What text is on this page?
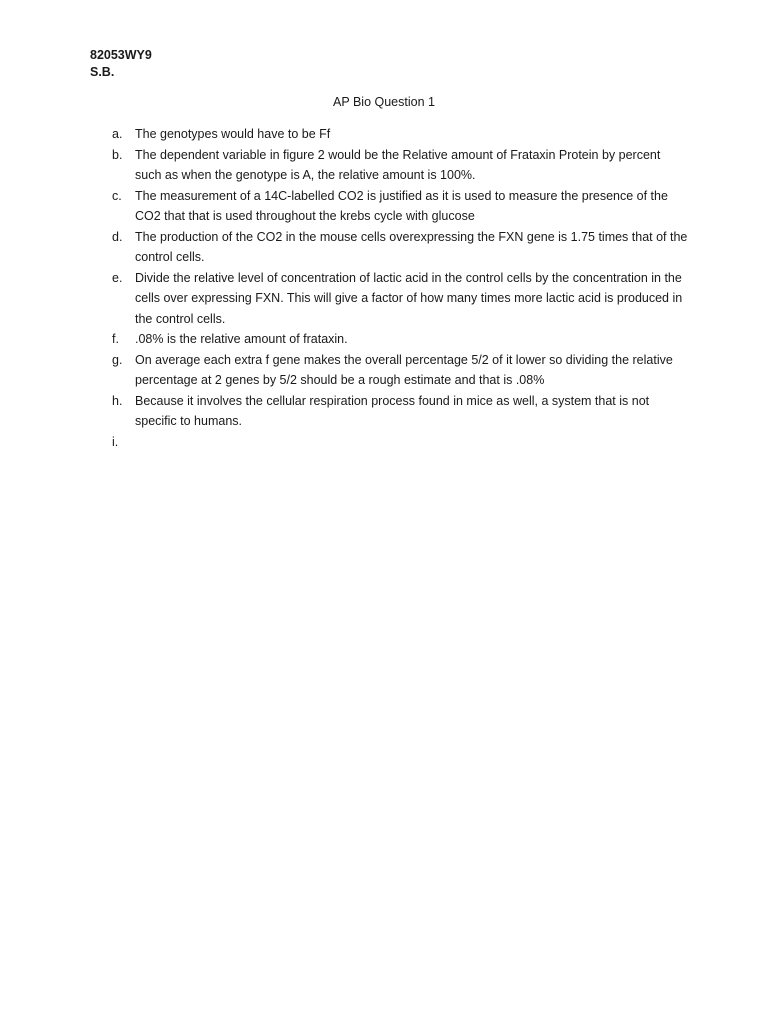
82053WY9
S.B.
AP Bio Question 1
a.	The genotypes would have to be Ff
b.	The dependent variable in figure 2 would be the Relative amount of Frataxin Protein by percent such as when the genotype is A, the relative amount is 100%.
c.	The measurement of a 14C-labelled CO2 is justified as it is used to measure the presence of the CO2 that that is used throughout the krebs cycle with glucose
d.	The production of the CO2 in the mouse cells overexpressing the FXN gene is 1.75 times that of the control cells.
e.	Divide the relative level of concentration of lactic acid in the control cells by the concentration in the cells over expressing FXN. This will give a factor of how many times more lactic acid is produced in the control cells.
f.	.08% is the relative amount of frataxin.
g.	On average each extra f gene makes the overall percentage 5/2 of it lower so dividing the relative percentage at 2 genes by 5/2 should be a rough estimate and that is .08%
h.	Because it involves the cellular respiration process found in mice as well, a system that is not specific to humans.
i.
